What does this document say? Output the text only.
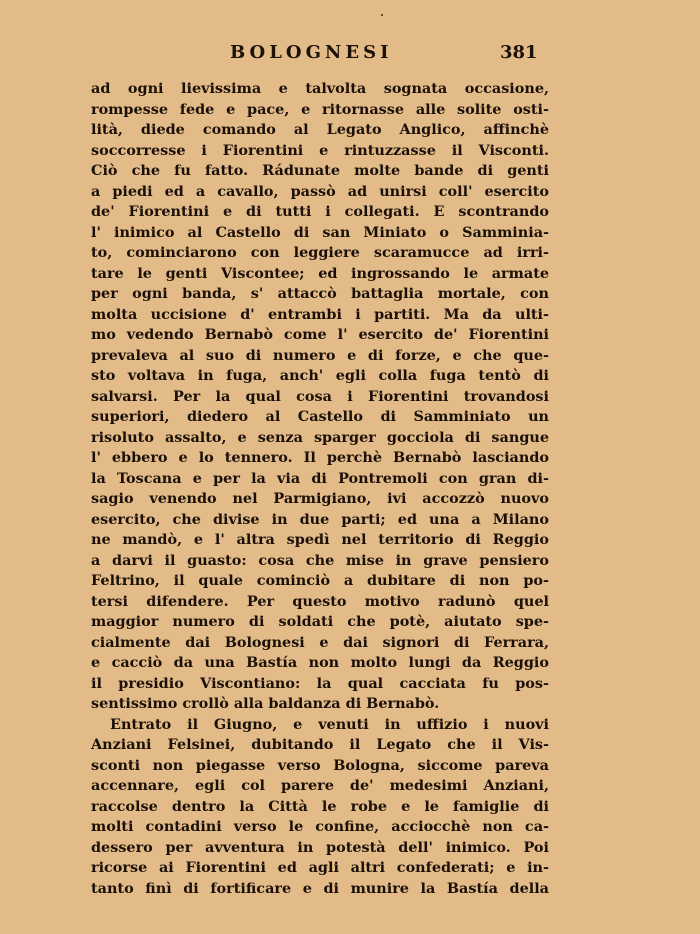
BOLOGNESI	381
ad ogni lievissima e talvolta sognata occasione,
rompesse fede e pace, e ritornasse alle solite osti-
lità, diede comando al Legato Anglico, affinchè
soccorresse i Fiorentini e rintuzzasse il Visconti.
Ciò che fu fatto. Rádunate molte bande di genti
a piedi ed a cavallo, passò ad unirsi coll' esercito
de' Fiorentini e di tutti i collegati. E scontrando
l' inimico al Castello di san Miniato o Samminia-
to, cominciarono con leggiere scaramucce ad irri-
tare le genti Viscontee; ed ingrossando le armate
per ogni banda, s' attaccò battaglia mortale, con
molta uccisione d' entrambi i partiti. Ma da ulti-
mo vedendo Bernabò come l' esercito de' Fiorentini
prevaleva al suo di numero e di forze, e che que-
sto voltava in fuga, anch' egli colla fuga tentò di
salvarsi. Per la qual cosa i Fiorentini trovandosi
superiori, diedero al Castello di Samminiato un
risoluto assalto, e senza sparger gocciola di sangue
l' ebbero e lo tennero. Il perchè Bernabò lasciando
la Toscana e per la via di Pontremoli con gran di-
sagio venendo nel Parmigiano, ivi accozzò nuovo
esercito, che divise in due parti; ed una a Milano
ne mandò, e l' altra spedì nel territorio di Reggio
a darvi il guasto: cosa che mise in grave pensiero
Feltrino, il quale cominciò a dubitare di non po-
tersi difendere. Per questo motivo radunò quel
maggior numero di soldati che potè, aiutato spe-
cialmente dai Bolognesi e dai signori di Ferrara,
e cacciò da una Bastía non molto lungi da Reggio
il presidio Viscontiano: la qual cacciata fu pos-
sentissimo crollò alla baldanza di Bernabò.
Entrato il Giugno, e venuti in uffizio i nuovi
Anziani Felsinei, dubitando il Legato che il Vis-
sconti non piegasse verso Bologna, siccome pareva
accennare, egli col parere de' medesimi Anziani,
raccolse dentro la Città le robe e le famiglie di
molti contadini verso le confine, acciocchè non ca-
dessero per avventura in potestà dell' inimico. Poi
ricorse ai Fiorentini ed agli altri confederati; e in-
tanto finì di fortificare e di munire la Bastía della
